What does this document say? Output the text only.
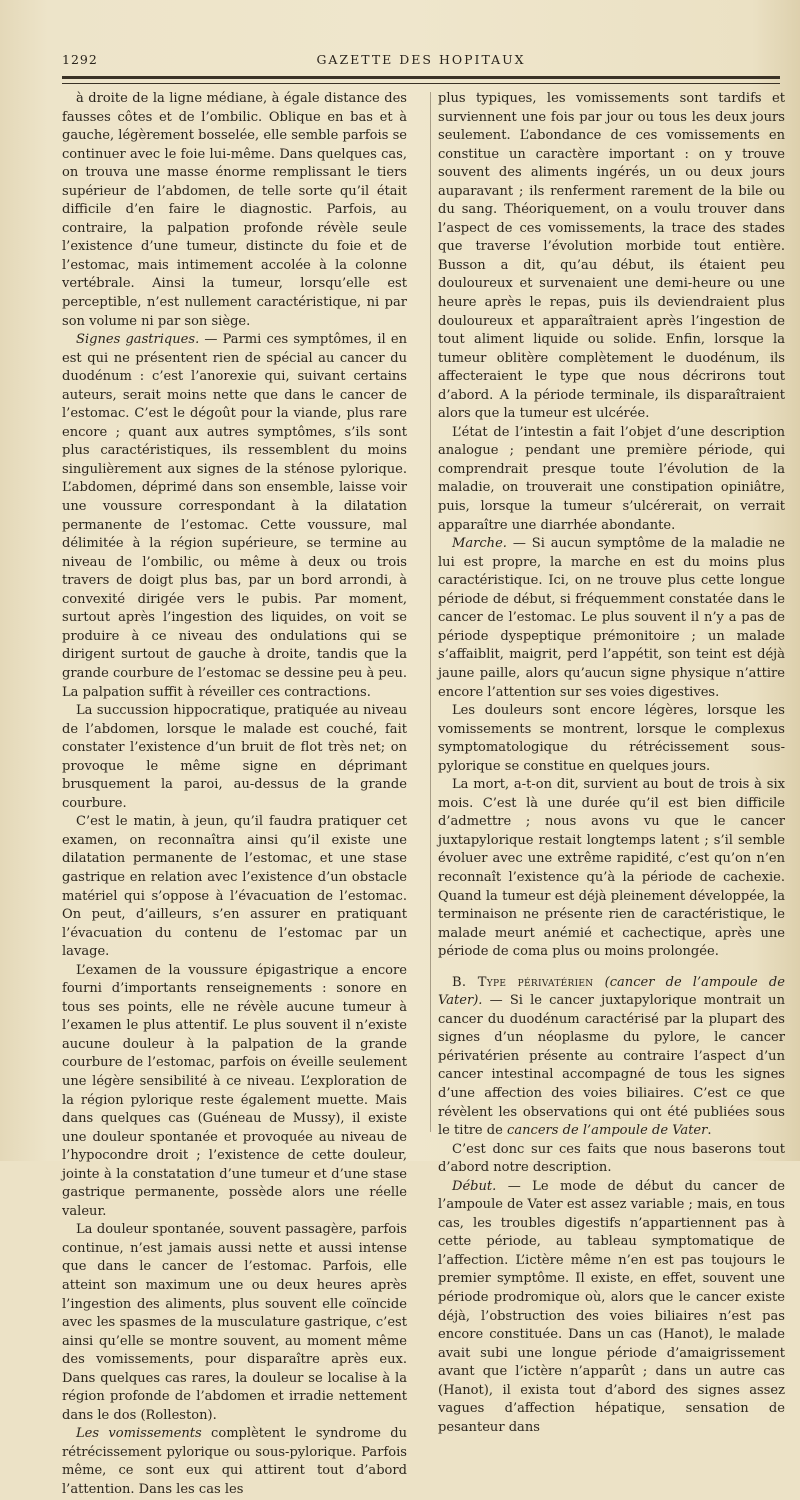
1292	GAZETTE DES HOPITAUX

à droite de la ligne médiane, à égale distance des fausses côtes et de l’ombilic. Oblique en bas et à gauche, légèrement bosselée, elle semble parfois se continuer avec le foie lui-même. Dans quelques cas, on trouva une masse énorme remplissant le tiers supérieur de l’abdomen, de telle sorte qu’il était difficile d’en faire le diagnostic. Parfois, au contraire, la palpation profonde révèle seule l’existence d’une tumeur, distincte du foie et de l’estomac, mais intimement accolée à la colonne vertébrale. Ainsi la tumeur, lorsqu’elle est perceptible, n’est nullement caractéristique, ni par son volume ni par son siège.

Signes gastriques. — Parmi ces symptômes, il en est qui ne présentent rien de spécial au cancer du duodénum : c’est l’anorexie qui, suivant certains auteurs, serait moins nette que dans le cancer de l’estomac. C’est le dégoût pour la viande, plus rare encore ; quant aux autres symptômes, s’ils sont plus caractéristiques, ils ressemblent du moins singulièrement aux signes de la sténose pylorique. L’abdomen, déprimé dans son ensemble, laisse voir une voussure correspondant à la dilatation permanente de l’estomac. Cette voussure, mal délimitée à la région supérieure, se termine au niveau de l’ombilic, ou même à deux ou trois travers de doigt plus bas, par un bord arrondi, à convexité dirigée vers le pubis. Par moment, surtout après l’ingestion des liquides, on voit se produire à ce niveau des ondulations qui se dirigent surtout de gauche à droite, tandis que la grande courbure de l’estomac se dessine peu à peu. La palpation suffit à réveiller ces contractions.

La succussion hippocratique, pratiquée au niveau de l’abdomen, lorsque le malade est couché, fait constater l’existence d’un bruit de flot très net; on provoque le même signe en déprimant brusquement la paroi, au-dessus de la grande courbure.

C’est le matin, à jeun, qu’il faudra pratiquer cet examen, on reconnaîtra ainsi qu’il existe une dilatation permanente de l’estomac, et une stase gastrique en relation avec l’existence d’un obstacle matériel qui s’oppose à l’évacuation de l’estomac. On peut, d’ailleurs, s’en assurer en pratiquant l’évacuation du contenu de l’estomac par un lavage.

L’examen de la voussure épigastrique a encore fourni d’importants renseignements : sonore en tous ses points, elle ne révèle aucune tumeur à l’examen le plus attentif. Le plus souvent il n’existe aucune douleur à la palpation de la grande courbure de l’estomac, parfois on éveille seulement une légère sensibilité à ce niveau. L’exploration de la région pylorique reste également muette. Mais dans quelques cas (Guéneau de Mussy), il existe une douleur spontanée et provoquée au niveau de l’hypocondre droit ; l’existence de cette douleur, jointe à la constatation d’une tumeur et d’une stase gastrique permanente, possède alors une réelle valeur.

La douleur spontanée, souvent passagère, parfois continue, n’est jamais aussi nette et aussi intense que dans le cancer de l’estomac. Parfois, elle atteint son maximum une ou deux heures après l’ingestion des aliments, plus souvent elle coïncide avec les spasmes de la musculature gastrique, c’est ainsi qu’elle se montre souvent, au moment même des vomissements, pour disparaître après eux. Dans quelques cas rares, la douleur se localise à la région profonde de l’abdomen et irradie nettement dans le dos (Rolleston).

Les vomissements complètent le syndrome du rétrécissement pylorique ou sous-pylorique. Parfois même, ce sont eux qui attirent tout d’abord l’attention. Dans les cas les

plus typiques, les vomissements sont tardifs et surviennent une fois par jour ou tous les deux jours seulement. L’abondance de ces vomissements en constitue un caractère important : on y trouve souvent des aliments ingérés, un ou deux jours auparavant ; ils renferment rarement de la bile ou du sang. Théoriquement, on a voulu trouver dans l’aspect de ces vomissements, la trace des stades que traverse l’évolution morbide tout entière. Busson a dit, qu’au début, ils étaient peu douloureux et survenaient une demi-heure ou une heure après le repas, puis ils deviendraient plus douloureux et apparaîtraient après l’ingestion de tout aliment liquide ou solide. Enfin, lorsque la tumeur oblitère complètement le duodénum, ils affecteraient le type que nous décrirons tout d’abord. A la période terminale, ils disparaîtraient alors que la tumeur est ulcérée.

L’état de l’intestin a fait l’objet d’une description analogue ; pendant une première période, qui comprendrait presque toute l’évolution de la maladie, on trouverait une constipation opiniâtre, puis, lorsque la tumeur s’ulcérerait, on verrait apparaître une diarrhée abondante.

Marche. — Si aucun symptôme de la maladie ne lui est propre, la marche en est du moins plus caractéristique. Ici, on ne trouve plus cette longue période de début, si fréquemment constatée dans le cancer de l’estomac. Le plus souvent il n’y a pas de période dyspeptique prémonitoire ; un malade s’affaiblit, maigrit, perd l’appétit, son teint est déjà jaune paille, alors qu’aucun signe physique n’attire encore l’attention sur ses voies digestives.

Les douleurs sont encore légères, lorsque les vomissements se montrent, lorsque le complexus symptomatologique du rétrécissement sous-pylorique se constitue en quelques jours.

La mort, a-t-on dit, survient au bout de trois à six mois. C’est là une durée qu’il est bien difficile d’admettre ; nous avons vu que le cancer juxtapylorique restait longtemps latent ; s’il semble évoluer avec une extrême rapidité, c’est qu’on n’en reconnaît l’existence qu’à la période de cachexie. Quand la tumeur est déjà pleinement développée, la terminaison ne présente rien de caractéristique, le malade meurt anémié et cachectique, après une période de coma plus ou moins prolongée.

B. Type périvatérien (cancer de l’ampoule de Vater). — Si le cancer juxtapylorique montrait un cancer du duodénum caractérisé par la plupart des signes d’un néoplasme du pylore, le cancer périvatérien présente au contraire l’aspect d’un cancer intestinal accompagné de tous les signes d’une affection des voies biliaires. C’est ce que révèlent les observations qui ont été publiées sous le titre de cancers de l’ampoule de Vater.

C’est donc sur ces faits que nous baserons tout d’abord notre description.

Début. — Le mode de début du cancer de l’ampoule de Vater est assez variable ; mais, en tous cas, les troubles digestifs n’appartiennent pas à cette période, au tableau symptomatique de l’affection. L’ictère même n’en est pas toujours le premier symptôme. Il existe, en effet, souvent une période prodromique où, alors que le cancer existe déjà, l’obstruction des voies biliaires n’est pas encore constituée. Dans un cas (Hanot), le malade avait subi une longue période d’amaigrissement avant que l’ictère n’apparût ; dans un autre cas (Hanot), il exista tout d’abord des signes assez vagues d’affection hépatique, sensation de pesanteur dans
